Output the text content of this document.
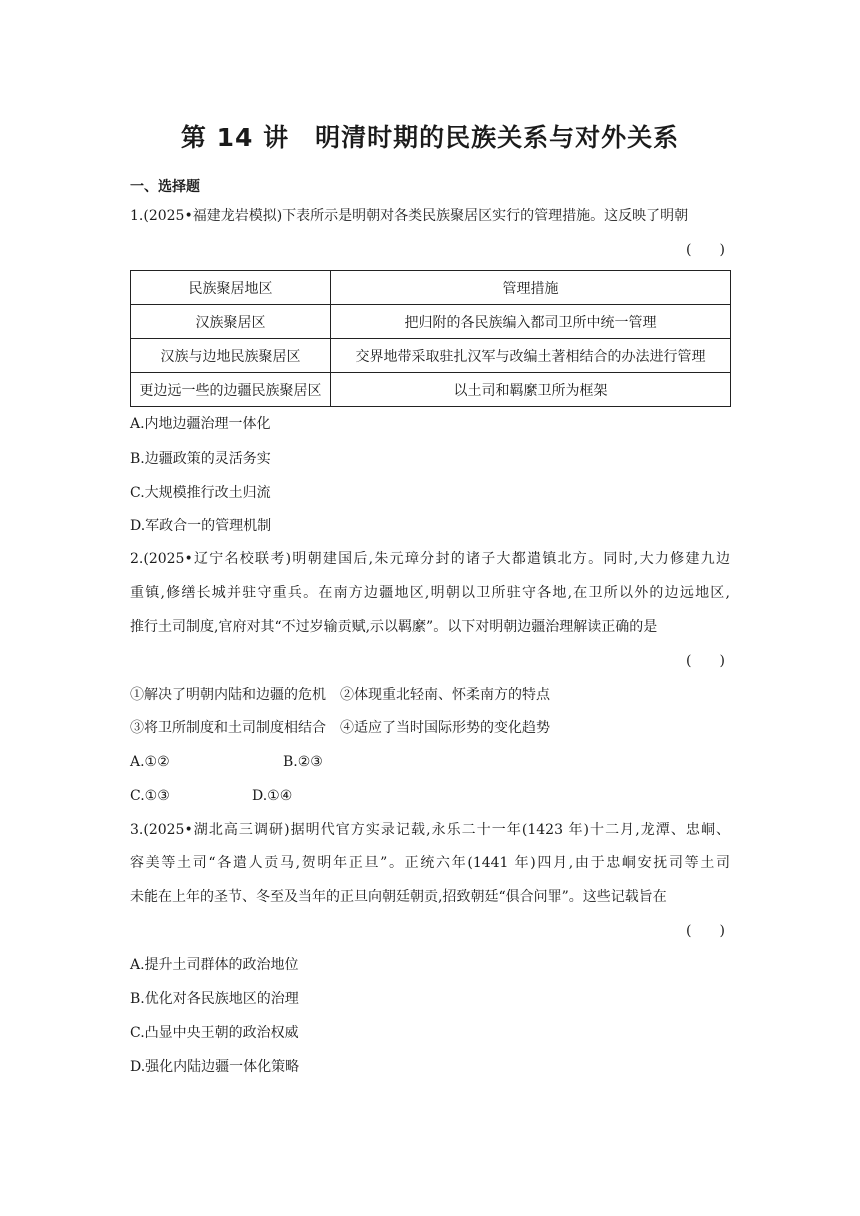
第 14 讲　明清时期的民族关系与对外关系
一、选择题
1.(2025•福建龙岩模拟)下表所示是明朝对各类民族聚居区实行的管理措施。这反映了明朝
(　　)
民族聚居地区	管理措施
汉族聚居区	把归附的各民族编入都司卫所中统一管理
汉族与边地民族聚居区	交界地带采取驻扎汉军与改编土著相结合的办法进行管理
更边远一些的边疆民族聚居区	以土司和羁縻卫所为框架
A.内地边疆治理一体化
B.边疆政策的灵活务实
C.大规模推行改土归流
D.军政合一的管理机制
2.(2025•辽宁名校联考)明朝建国后,朱元璋分封的诸子大都遣镇北方。同时,大力修建九边
重镇,修缮长城并驻守重兵。在南方边疆地区,明朝以卫所驻守各地,在卫所以外的边远地区,
推行土司制度,官府对其“不过岁输贡赋,示以羁縻”。以下对明朝边疆治理解读正确的是
(　　)
①解决了明朝内陆和边疆的危机　②体现重北轻南、怀柔南方的特点
③将卫所制度和土司制度相结合　④适应了当时国际形势的变化趋势
A.①②	B.②③
C.①③	D.①④
3.(2025•湖北高三调研)据明代官方实录记载,永乐二十一年(1423 年)十二月,龙潭、忠峒、
容美等土司“各遣人贡马,贺明年正旦”。正统六年(1441 年)四月,由于忠峒安抚司等土司
未能在上年的圣节、冬至及当年的正旦向朝廷朝贡,招致朝廷“俱合问罪”。这些记载旨在
(　　)
A.提升土司群体的政治地位
B.优化对各民族地区的治理
C.凸显中央王朝的政治权威
D.强化内陆边疆一体化策略
